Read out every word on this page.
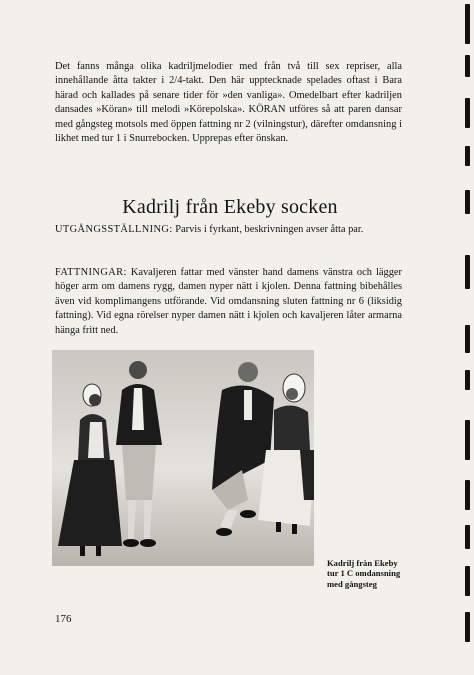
Det fanns många olika kadriljmelodier med från två till sex repriser, alla innehållande åtta takter i 2/4-takt. Den här upptecknade spelades oftast i Bara härad och kallades på senare tider för »den vanliga». Omedelbart efter kadriljen dansades »Köran» till melodi »Körepolska». KÖRAN utföres så att paren dansar med gångsteg motsols med öppen fattning nr 2 (vilningstur), därefter omdansning i likhet med tur 1 i Snurrebocken. Upprepas efter önskan.

Kadrilj från Ekeby socken

UTGÅNGSSTÄLLNING: Parvis i fyrkant, beskrivningen avser åtta par.

FATTNINGAR: Kavaljeren fattar med vänster hand damens vänstra och lägger höger arm om damens rygg, damen nyper nätt i kjolen. Denna fattning bibehålles även vid komplimangens utförande. Vid omdansning sluten fattning nr 6 (liksidig fattning). Vid egna rörelser nyper damen nätt i kjolen och kavaljeren låter armarna hänga fritt ned.

Kadrilj från Ekeby tur 1 C omdansning med gångsteg
176
